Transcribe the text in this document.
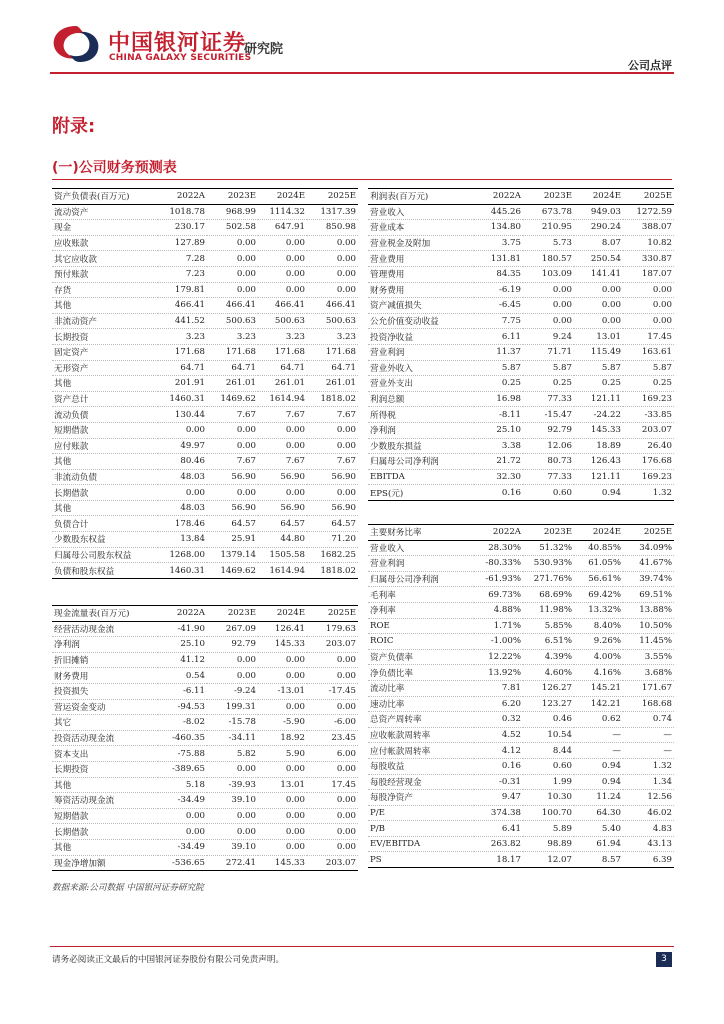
中国银河证券
CHINA GALAXY SECURITIES
研究院
公司点评
附录:
(一)公司财务预测表
资产负债表(百万元)	2022A	2023E	2024E	2025E
流动资产	1018.78	968.99	1114.32	1317.39
现金	230.17	502.58	647.91	850.98
应收账款	127.89	0.00	0.00	0.00
其它应收款	7.28	0.00	0.00	0.00
预付账款	7.23	0.00	0.00	0.00
存货	179.81	0.00	0.00	0.00
其他	466.41	466.41	466.41	466.41
非流动资产	441.52	500.63	500.63	500.63
长期投资	3.23	3.23	3.23	3.23
固定资产	171.68	171.68	171.68	171.68
无形资产	64.71	64.71	64.71	64.71
其他	201.91	261.01	261.01	261.01
资产总计	1460.31	1469.62	1614.94	1818.02
流动负债	130.44	7.67	7.67	7.67
短期借款	0.00	0.00	0.00	0.00
应付账款	49.97	0.00	0.00	0.00
其他	80.46	7.67	7.67	7.67
非流动负债	48.03	56.90	56.90	56.90
长期借款	0.00	0.00	0.00	0.00
其他	48.03	56.90	56.90	56.90
负债合计	178.46	64.57	64.57	64.57
少数股东权益	13.84	25.91	44.80	71.20
归属母公司股东权益	1268.00	1379.14	1505.58	1682.25
负债和股东权益	1460.31	1469.62	1614.94	1818.02
利润表(百万元)	2022A	2023E	2024E	2025E
营业收入	445.26	673.78	949.03	1272.59
营业成本	134.80	210.95	290.24	388.07
营业税金及附加	3.75	5.73	8.07	10.82
营业费用	131.81	180.57	250.54	330.87
管理费用	84.35	103.09	141.41	187.07
财务费用	-6.19	0.00	0.00	0.00
资产减值损失	-6.45	0.00	0.00	0.00
公允价值变动收益	7.75	0.00	0.00	0.00
投资净收益	6.11	9.24	13.01	17.45
营业利润	11.37	71.71	115.49	163.61
营业外收入	5.87	5.87	5.87	5.87
营业外支出	0.25	0.25	0.25	0.25
利润总额	16.98	77.33	121.11	169.23
所得税	-8.11	-15.47	-24.22	-33.85
净利润	25.10	92.79	145.33	203.07
少数股东损益	3.38	12.06	18.89	26.40
归属母公司净利润	21.72	80.73	126.43	176.68
EBITDA	32.30	77.33	121.11	169.23
EPS(元)	0.16	0.60	0.94	1.32
现金流量表(百万元)	2022A	2023E	2024E	2025E
经营活动现金流	-41.90	267.09	126.41	179.63
净利润	25.10	92.79	145.33	203.07
折旧摊销	41.12	0.00	0.00	0.00
财务费用	0.54	0.00	0.00	0.00
投资损失	-6.11	-9.24	-13.01	-17.45
营运资金变动	-94.53	199.31	0.00	0.00
其它	-8.02	-15.78	-5.90	-6.00
投资活动现金流	-460.35	-34.11	18.92	23.45
资本支出	-75.88	5.82	5.90	6.00
长期投资	-389.65	0.00	0.00	0.00
其他	5.18	-39.93	13.01	17.45
筹资活动现金流	-34.49	39.10	0.00	0.00
短期借款	0.00	0.00	0.00	0.00
长期借款	0.00	0.00	0.00	0.00
其他	-34.49	39.10	0.00	0.00
现金净增加额	-536.65	272.41	145.33	203.07
主要财务比率	2022A	2023E	2024E	2025E
营业收入	28.30%	51.32%	40.85%	34.09%
营业利润	-80.33%	530.93%	61.05%	41.67%
归属母公司净利润	-61.93%	271.76%	56.61%	39.74%
毛利率	69.73%	68.69%	69.42%	69.51%
净利率	4.88%	11.98%	13.32%	13.88%
ROE	1.71%	5.85%	8.40%	10.50%
ROIC	-1.00%	6.51%	9.26%	11.45%
资产负债率	12.22%	4.39%	4.00%	3.55%
净负债比率	13.92%	4.60%	4.16%	3.68%
流动比率	7.81	126.27	145.21	171.67
速动比率	6.20	123.27	142.21	168.68
总资产周转率	0.32	0.46	0.62	0.74
应收帐款周转率	4.52	10.54	—	—
应付帐款周转率	4.12	8.44	—	—
每股收益	0.16	0.60	0.94	1.32
每股经营现金	-0.31	1.99	0.94	1.34
每股净资产	9.47	10.30	11.24	12.56
P/E	374.38	100.70	64.30	46.02
P/B	6.41	5.89	5.40	4.83
EV/EBITDA	263.82	98.89	61.94	43.13
PS	18.17	12.07	8.57	6.39
数据来源:公司数据 中国银河证券研究院
请务必阅读正文最后的中国银河证券股份有限公司免责声明。	3
